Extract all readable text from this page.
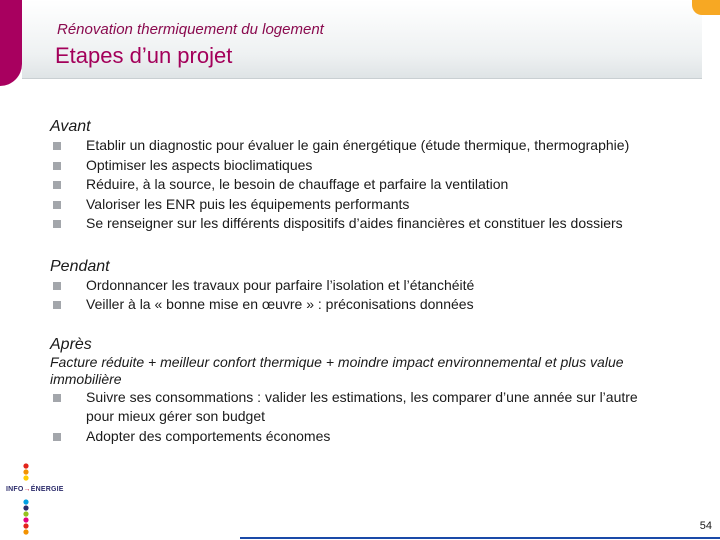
Rénovation thermiquement du logement
Etapes d’un projet

Avant

Etablir un diagnostic pour évaluer le gain énergétique (étude thermique, thermographie)
Optimiser les aspects bioclimatiques
Réduire, à la source, le besoin de chauffage et parfaire la ventilation
Valoriser les ENR puis les équipements performants
Se renseigner sur les différents dispositifs d’aides financières et constituer les dossiers

Pendant

Ordonnancer les travaux pour parfaire l’isolation et l’étanchéité
Veiller à la « bonne mise en œuvre » : préconisations données

Après

Facture réduite + meilleur confort thermique + moindre impact environnemental et plus value immobilière

Suivre ses consommations : valider les estimations, les comparer d’une année sur l’autre pour mieux gérer son budget
Adopter des comportements économes
INFO→ÉNERGIE
54
